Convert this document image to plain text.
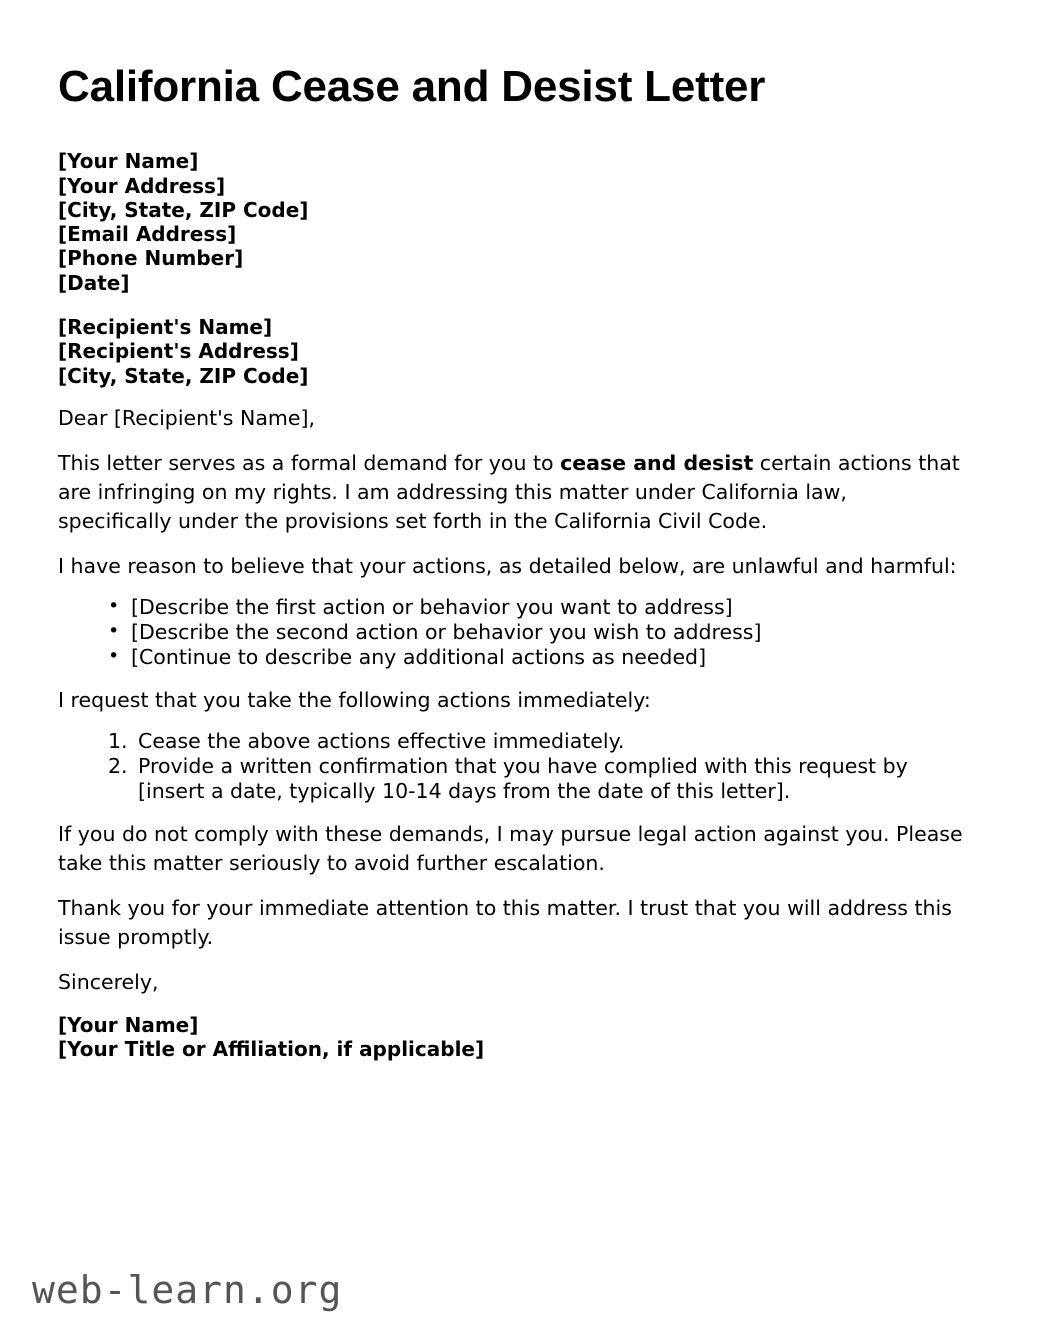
California Cease and Desist Letter
[Your Name]
[Your Address]
[City, State, ZIP Code]
[Email Address]
[Phone Number]
[Date]
[Recipient's Name]
[Recipient's Address]
[City, State, ZIP Code]

Dear [Recipient's Name],

This letter serves as a formal demand for you to cease and desist certain actions that are infringing on my rights. I am addressing this matter under California law, specifically under the provisions set forth in the California Civil Code.

I have reason to believe that your actions, as detailed below, are unlawful and harmful:

• [Describe the first action or behavior you want to address]
• [Describe the second action or behavior you wish to address]
• [Continue to describe any additional actions as needed]

I request that you take the following actions immediately:

Cease the above actions effective immediately.
Provide a written confirmation that you have complied with this request by [insert a date, typically 10-14 days from the date of this letter].

If you do not comply with these demands, I may pursue legal action against you. Please take this matter seriously to avoid further escalation.

Thank you for your immediate attention to this matter. I trust that you will address this issue promptly.

Sincerely,

[Your Name]
[Your Title or Affiliation, if applicable]
web-learn.org
